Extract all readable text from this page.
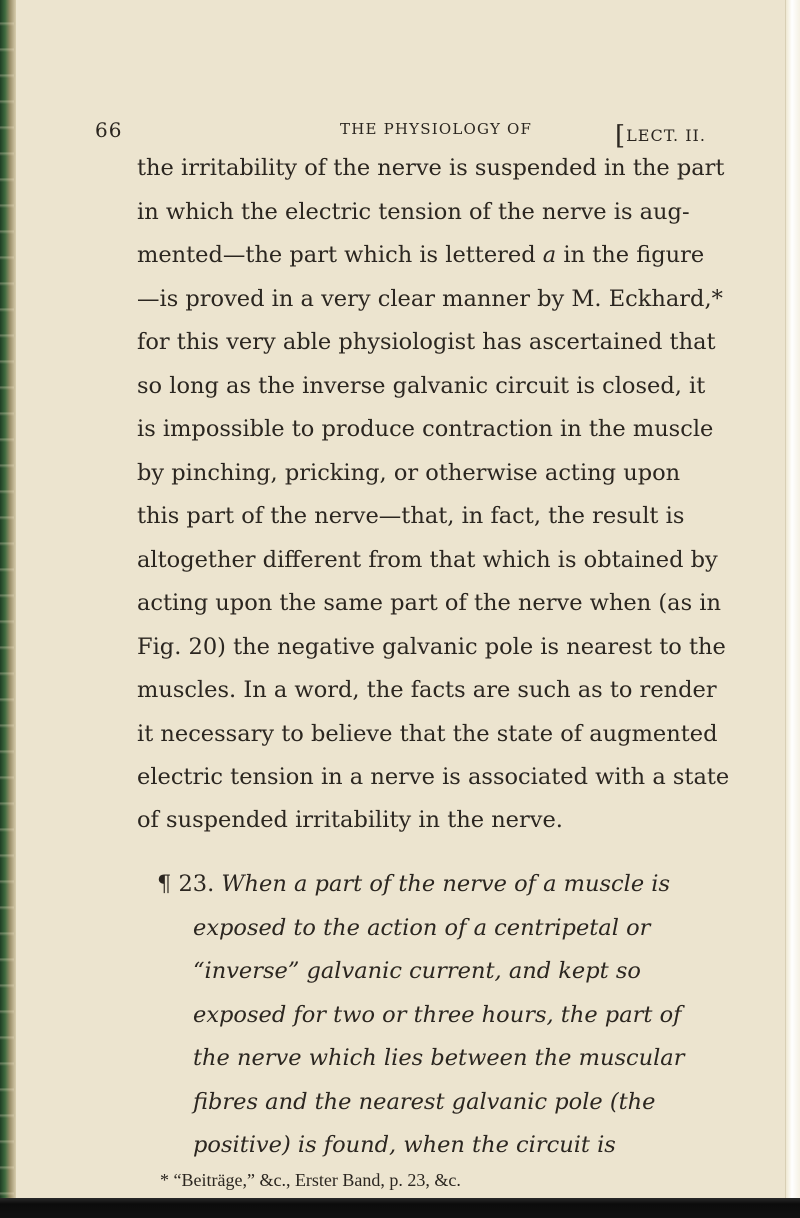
66	THE PHYSIOLOGY OF	[LECT. II.
the irritability of the nerve is suspended in the part
in which the electric tension of the nerve is aug-
mented—the part which is lettered a in the figure
—is proved in a very clear manner by M. Eckhard,*
for this very able physiologist has ascertained that
so long as the inverse galvanic circuit is closed, it
is impossible to produce contraction in the muscle
by pinching, pricking, or otherwise acting upon
this part of the nerve—that, in fact, the result is
altogether different from that which is obtained by
acting upon the same part of the nerve when (as in
Fig. 20) the negative galvanic pole is nearest to the
muscles. In a word, the facts are such as to render
it necessary to believe that the state of augmented
electric tension in a nerve is associated with a state
of suspended irritability in the nerve.
¶ 23. When a part of the nerve of a muscle is
exposed to the action of a centripetal or
“inverse” galvanic current, and kept so
exposed for two or three hours, the part of
the nerve which lies between the muscular
fibres and the nearest galvanic pole (the
positive) is found, when the circuit is
* “Beiträge,” &c., Erster Band, p. 23, &c.
